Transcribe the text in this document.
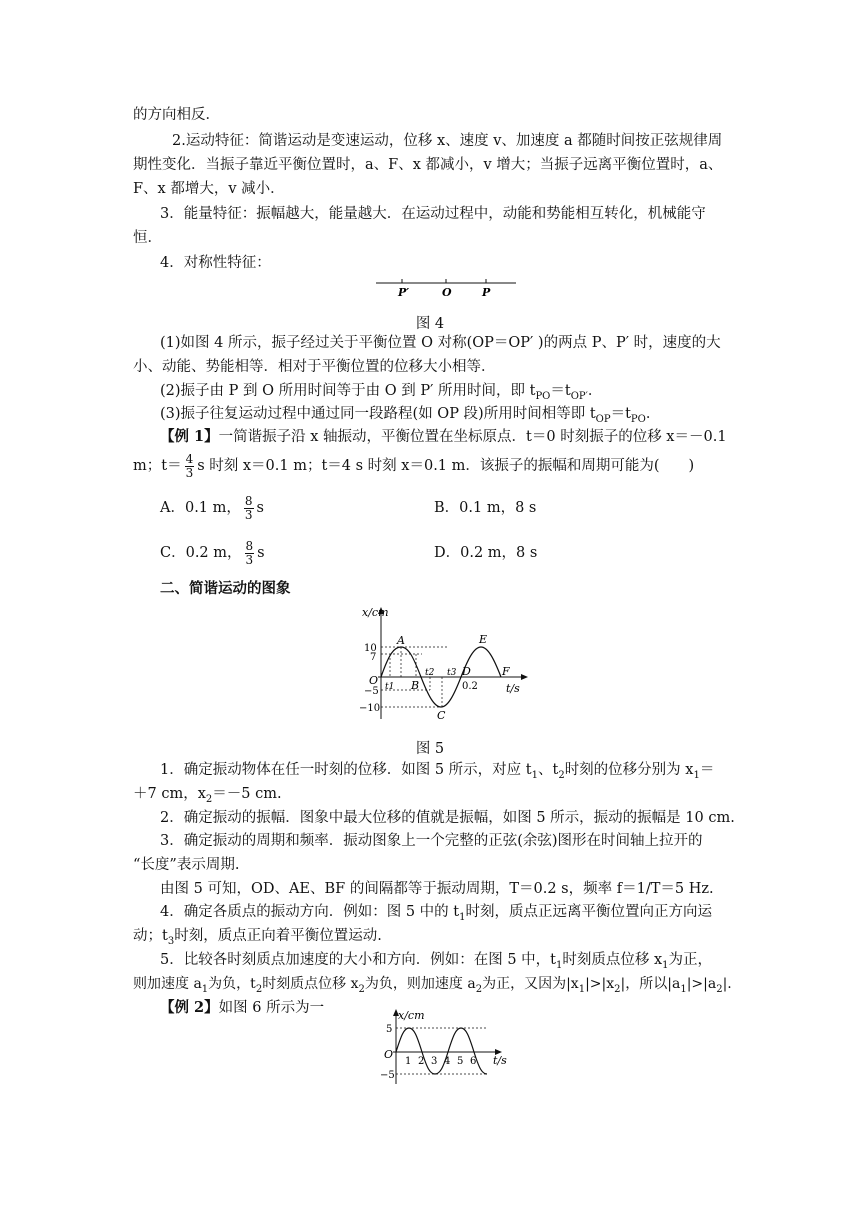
的方向相反．
2.运动特征：简谐运动是变速运动，位移 x、速度 v、加速度 a 都随时间按正弦规律周
期性变化．当振子靠近平衡位置时，a、F、x 都减小，v 增大；当振子远离平衡位置时，a、
F、x 都增大，v 减小．
3．能量特征：振幅越大，能量越大．在运动过程中，动能和势能相互转化，机械能守
恒．
4．对称性特征：
P′	O	P
图 4
(1)如图 4 所示，振子经过关于平衡位置 O 对称(OP＝OP′ )的两点 P、P′ 时，速度的大
小、动能、势能相等．相对于平衡位置的位移大小相等．
(2)振子由 P 到 O 所用时间等于由 O 到 P′ 所用时间，即 $t_{PO}=t_{OP'}$．
(3)振子往复运动过程中通过同一段路程(如 OP 段)所用时间相等即 $t_{OP}=t_{PO}$．
【例 1】一简谐振子沿 x 轴振动，平衡位置在坐标原点．t＝0 时刻振子的位移 x＝－0.1
m；$t= \frac{4}{3}$ s 时刻 x＝0.1 m；t＝4 s 时刻 x＝0.1 m．该振子的振幅和周期可能为(　　)
A．0.1 m， $\frac{8}{3}$ s	B．0.1 m，8 s
C．0.2 m， $\frac{8}{3}$ s	D．0.2 m，8 s
二、简谐运动的图象
x/cm
t/s
O
10
7
−5
−10
0.2
A
B
C
D
E
F
t1
t2 t3
图 5
1．确定振动物体在任一时刻的位移．如图 5 所示，对应 $t_1$、$t_2$时刻的位移分别为 $x_1=$
＋7 cm，$x_2=-5$ cm.
2．确定振动的振幅．图象中最大位移的值就是振幅，如图 5 所示，振动的振幅是 10 cm.
3．确定振动的周期和频率．振动图象上一个完整的正弦(余弦)图形在时间轴上拉开的
“长度”表示周期.
由图 5 可知，OD、AE、BF 的间隔都等于振动周期，T＝0.2 s，频率 f＝1/T＝5 Hz.
4．确定各质点的振动方向．例如：图 5 中的 $t_1$时刻，质点正远离平衡位置向正方向运
动；$t_3$时刻，质点正向着平衡位置运动.
5．比较各时刻质点加速度的大小和方向．例如：在图 5 中，$t_1$时刻质点位移 $x_1$为正，
则加速度 $a_1$为负，$t_2$时刻质点位移 $x_2$为负，则加速度 $a_2$为正，又因为$|x_1|>|x_2|$，所以$|a_1|>|a_2|$.
【例 2】如图 6 所示为一	x/cm
t/s
O
5
−5
1 2 3 4 5 6
